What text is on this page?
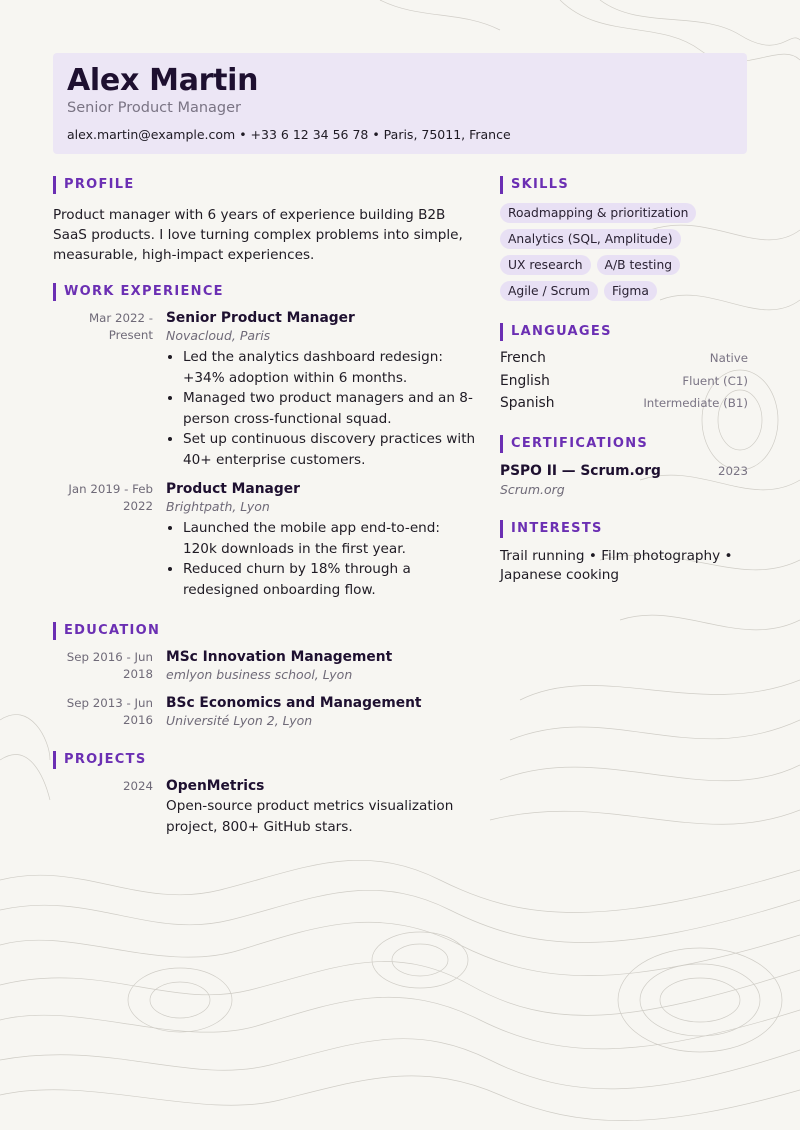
Alex Martin
Senior Product Manager
alex.martin@example.com • +33 6 12 34 56 78 • Paris, 75011, France
PROFILE
Product manager with 6 years of experience building B2B SaaS products. I love turning complex problems into simple, measurable, high-impact experiences.
WORK EXPERIENCE
Mar 2022 - Present
Senior Product Manager
Novacloud, Paris
• Led the analytics dashboard redesign: +34% adoption within 6 months.
• Managed two product managers and an 8-person cross-functional squad.
• Set up continuous discovery practices with 40+ enterprise customers.
Jan 2019 - Feb 2022
Product Manager
Brightpath, Lyon
• Launched the mobile app end-to-end: 120k downloads in the first year.
• Reduced churn by 18% through a redesigned onboarding flow.
EDUCATION
Sep 2016 - Jun 2018
MSc Innovation Management
emlyon business school, Lyon
Sep 2013 - Jun 2016
BSc Economics and Management
Université Lyon 2, Lyon
PROJECTS
2024 OpenMetrics
Open-source product metrics visualization project, 800+ GitHub stars.
SKILLS
Roadmapping & prioritization
Analytics (SQL, Amplitude)
UX research	A/B testing
Agile / Scrum	Figma
LANGUAGES
French	Native
English	Fluent (C1)
Spanish	Intermediate (B1)
CERTIFICATIONS
PSPO II — Scrum.org	2023
Scrum.org
INTERESTS
Trail running • Film photography • Japanese cooking
